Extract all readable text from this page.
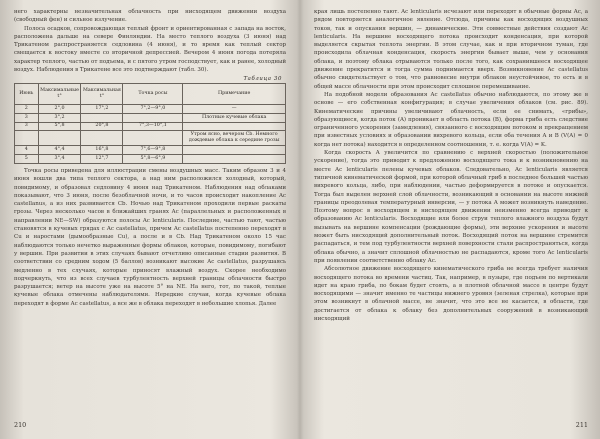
него характерны незначительная облачность при нисходящем движении воздуха (свободный фен) и сильное излучение.

Полоса осадков, сопровождающая теплый фронт и ориентированная с запада на восток, расположена дальше на севере Финляндии. На место теплого воздуха (3 июня) над Трикатеном распространяется седловина (4 июня), и то время как теплый сектор смещается к востоку вместе со вторичной депрессией. Вечером 4 июня погода потеряла характер теплого, частью от подъема, и с пятого утром господствует, как и ранее, холодный воздух. Наблюдения в Трикатене все это подтверждают (табл. 30).

Таблица 30
Июнь	Максимальные t°	Максимальная t°	Точка росы	Примечание
2	2°,0	17°,2	7°,2—9°,0	—
3	3°,2			Плотные кучевые облака
3	5°,8	20°,8	7°,3—10°,1	
				Утром ясно, вечером Cb. Немного дождевые облака к середине грозы
4	4°,4	16°,8	7°,6—9°,8	
5	3°,4	12°,7	5°,8—6°,9	

Точка росы приведена для иллюстрации смены воздушных масс. Таким образом 3 и 4 июня вошли два типа теплого сектора, а над ним расположился холодный, который, повидимому, и образовал седловину 4 июня над Трикатеном. Наблюдения над облаками показывают, что 3 июня, после безоблачной ночи, и то часов происходит накопление Ac castellanus, а из них развивается Cb. Ночью над Трикатеном проходили первые раскаты грозы. Через несколько часов в ближайших гранях Ac (параллельных и расположенных в направлении NE—SW) образуются полосы Ac lenticularis. Последние, частью тают, частью становятся в кучевых грядах с Ac castellatus, причем Ac castellatus постепенно переходят в Cu и наростами (дымообразные Cu), а после и в Cb. Над Трикатеном около 15 час наблюдаются только нечетко выраженные формы облаков, которые, повидимому, погибают у вершин. При развитии в этих случаях бывают отчетливо описанные стадии развития. В соответствии со средним ходом (5 баллов) возникают высокие Ac castellatus, разрушаясь медленно в тех случаях, которые приносят влажный воздух. Скорее необходимо подчеркнуть, что из всех случаев турбулентность верхней границы облачности быстро разрушается; ветер на высоте уже на высоте 5° на NE. На него, тот, по такой, теплые кучевые облака отмечены наблюдателями. Нередкие случаи, когда кучевые облака переходят в форме Ac castellatus, а все же в облака переходят в небольшие хлопья. Далее

210

края лишь постепенно тают. Ac lenticularis исчезают или переходят в обычные формы Ac, а рядом повторяется аналогичное явление. Отсюда, причины как восходящих воздушных токов, так и опускания вершин, — динамические. Эти совместные действия создают Ac lenticularis. На вершине восходящего потока происходит конденсация, при которой выделяется скрытая теплота энергии. В этом случае, как и при вторичном туман, где происходила облачная конденсация, скорость энергии бывает выше, чем у основания облака, и поэтому облака отрываются только после того, как сохранившееся восходящее движение прекратится и тогда сумма поднимается вверх. Возникновение Ac castellatus обычно свидетельствует о том, что равновесие внутри облаков неустойчивое, то есть и в общей массе облачности при этом происходит сплошное перемешивание.

На подобной модели образования Ac castellatus обычно наблюдаются, по этому же в основе — его собственная конфигурация; в случае увеличения облаков (см. рис. 89). Кинематические причины увеличивают облачность, если ее снимать, «грибы», образующиеся, когда поток (A) проникает в область потока (B), форма гриба есть следствие ограниченного ускорения (замедления), связанного с восходящим потоком и прекращением при известных условиях и образовании вихревого кольца, если оба течения A и B (V(A) = 0 когда нет потока) находится в определенном соотношении, т. е. когда V(A) = K.

Когда скорость A увеличится по сравнению с верхней скоростью (положительное ускорение), тогда это приводит к предложению восходящего тока и к возникновению на месте Ac lenticularis пелены кучевых облаков. Следовательно, Ac lenticularis является типичной кинематической формой, при которой облачный гриб в последнее большей частью вихревого кольца, либо, при наблюдении, частью деформируется в потоке и опускается. Тогда был выделен верхней слой облачности, возникающий в основании на высоте нижней границы преодолевая температурный инверсии, — у потока А может возникнуть наведение. Поэтому вопрос в восходящем и нисходящем движении неизменно всегда приводит к образованию Ac lenticularis. Восходящие или более струи теплого влажного воздуха будут вызывать на вершине компенсации (рождающие формы), эти верхние ускорения и высоте может быть нисходящий дополнительный поток. Восходящий поток на вершине стремится распадаться, и тем под турбулентности верхней поверхности стали распространяться, когда облака обычно, а значит сплошной облачностью не распадаются, кроме того Ac lenticularis при появлении соответственно облаку Ac.

Абсолютное движение восходящего кинематического гриба не всегда требует наличия восходящего потока во времени частиц. Так, например, в пузыре, где подъем по вертикали идет на краю гриба, по бокам будет стоять, а в плотной облачной массе в центре будут восходящими — значит именно те частицы нижнего уровня (зеленая стрелка), которые при этом возникнут в облачной массе, не значит, что это все не касается, в области, где достигается от облака к облаку без дополнительных сооружений в возникающий нисходящий

211
